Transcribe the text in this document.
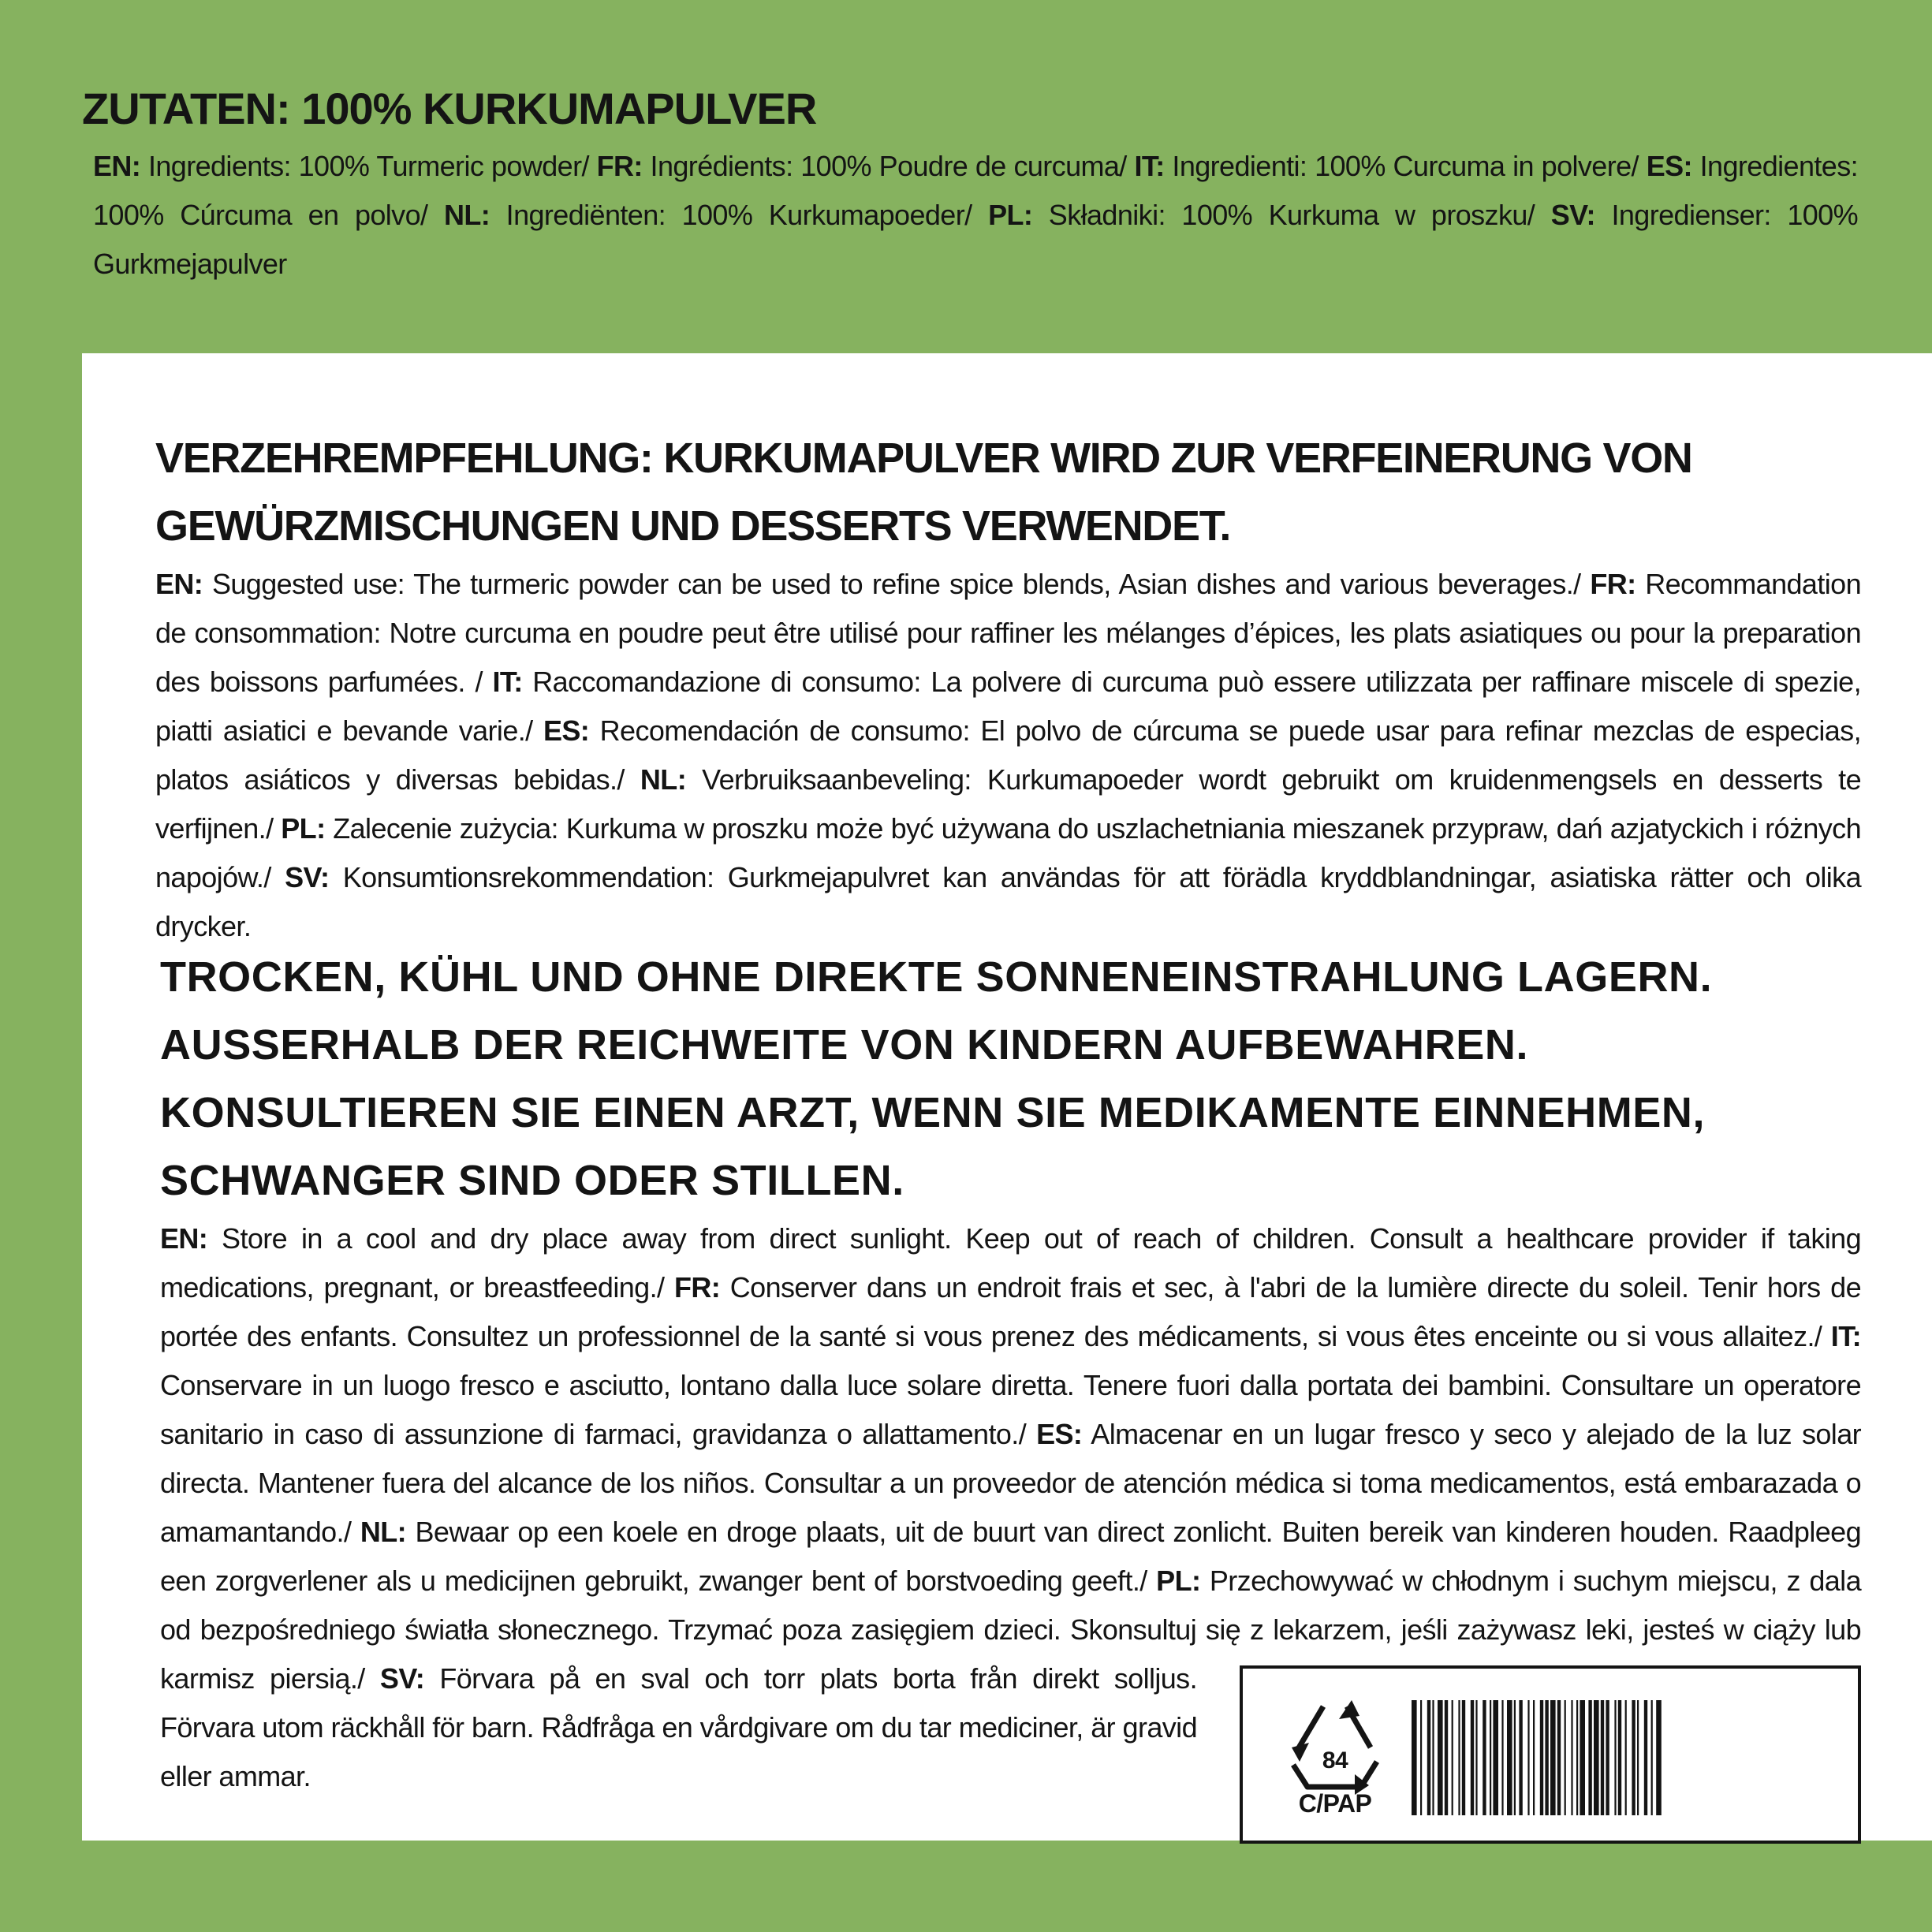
ZUTATEN: 100% KURKUMAPULVER
EN: Ingredients: 100% Turmeric powder/ FR: Ingrédients: 100% Poudre de curcuma/ IT: Ingredienti: 100% Curcuma in polvere/ ES: Ingredientes: 100% Cúrcuma en polvo/ NL: Ingrediënten: 100% Kurkumapoeder/ PL: Składniki: 100% Kurkuma w proszku/ SV: Ingredienser: 100% Gurkmejapulver
VERZEHREMPFEHLUNG: KURKUMAPULVER WIRD ZUR VERFEINERUNG VON GEWÜRZMISCHUNGEN UND DESSERTS VERWENDET.
EN: Suggested use: The turmeric powder can be used to refine spice blends, Asian dishes and various beverages./ FR: Recommandation de consommation: Notre curcuma en poudre peut être utilisé pour raffiner les mélanges d’épices, les plats asiatiques ou pour la preparation des boissons parfumées. / IT: Raccomandazione di consumo: La polvere di curcuma può essere utilizzata per raffinare miscele di spezie, piatti asiatici e bevande varie./ ES: Recomendación de consumo: El polvo de cúrcuma se puede usar para refinar mezclas de especias, platos asiáticos y diversas bebidas./ NL: Verbruiksaanbeveling: Kurkumapoeder wordt gebruikt om kruidenmengsels en desserts te verfijnen./ PL: Zalecenie zużycia: Kurkuma w proszku może być używana do uszlachetniania mieszanek przypraw, dań azjatyckich i różnych napojów./ SV: Konsumtionsrekommendation: Gurkmejapulvret kan användas för att förädla kryddblandningar, asiatiska rätter och olika drycker.
TROCKEN, KÜHL UND OHNE DIREKTE SONNENEINSTRAHLUNG LAGERN. AUSSERHALB DER REICHWEITE VON KINDERN AUFBEWAHREN. KONSULTIEREN SIE EINEN ARZT, WENN SIE MEDIKAMENTE EINNEHMEN, SCHWANGER SIND ODER STILLEN.
EN: Store in a cool and dry place away from direct sunlight. Keep out of reach of children. Consult a healthcare provider if taking medications, pregnant, or breastfeeding./ FR: Conserver dans un endroit frais et sec, à l'abri de la lumière directe du soleil. Tenir hors de portée des enfants. Consultez un professionnel de la santé si vous prenez des médicaments, si vous êtes enceinte ou si vous allaitez./ IT: Conservare in un luogo fresco e asciutto, lontano dalla luce solare diretta. Tenere fuori dalla portata dei bambini. Consultare un operatore sanitario in caso di assunzione di farmaci, gravidanza o allattamento./ ES: Almacenar en un lugar fresco y seco y alejado de la luz solar directa. Mantener fuera del alcance de los niños. Consultar a un proveedor de atención médica si toma medicamentos, está embarazada o amamantando./ NL: Bewaar op een koele en droge plaats, uit de buurt van direct zonlicht. Buiten bereik van kinderen houden. Raadpleeg een zorgverlener als u medicijnen gebruikt, zwanger bent of borstvoeding geeft./ PL: Przechowywać w chłodnym i suchym miejscu, z dala od bezpośredniego światła słonecznego. Trzymać poza zasięgiem dzieci. Skonsultuj się z lekarzem, jeśli zażywasz leki, jesteś w ciąży lub karmisz piersią./
84
C/PAP
SV: Förvara på en sval och torr plats borta från direkt solljus. Förvara utom räckhåll för barn. Rådfråga en vårdgivare om du tar mediciner, är gravid eller ammar.
